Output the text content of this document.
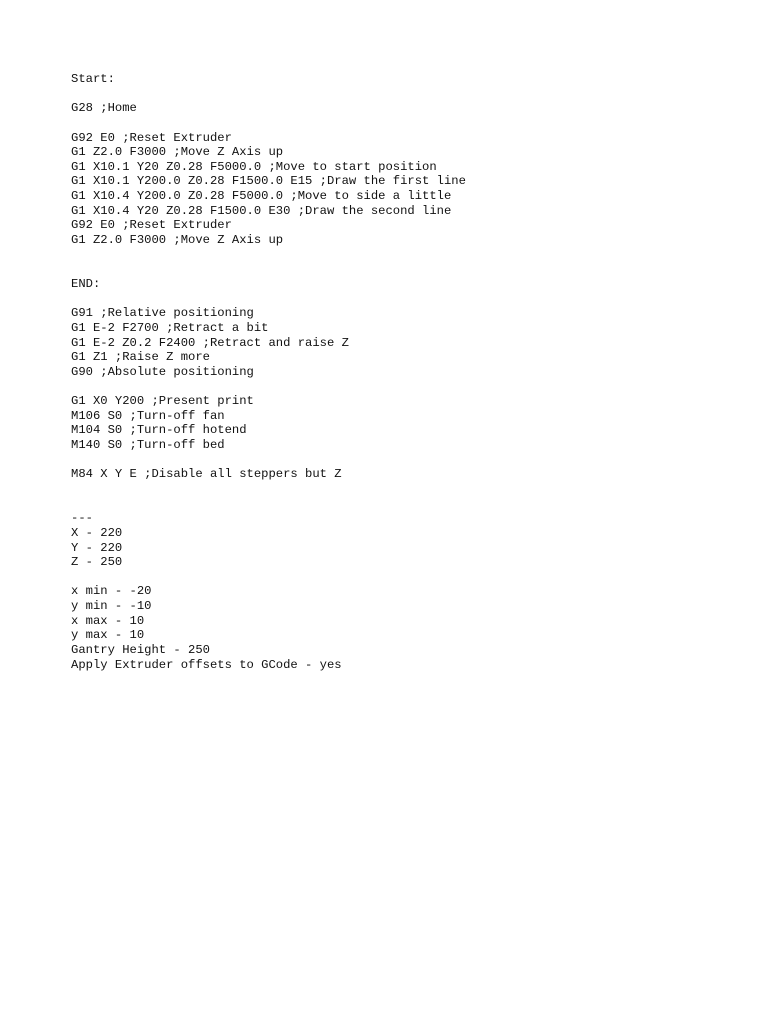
Start:
G28 ;Home
G92 E0 ;Reset Extruder
G1 Z2.0 F3000 ;Move Z Axis up
G1 X10.1 Y20 Z0.28 F5000.0 ;Move to start position
G1 X10.1 Y200.0 Z0.28 F1500.0 E15 ;Draw the first line
G1 X10.4 Y200.0 Z0.28 F5000.0 ;Move to side a little
G1 X10.4 Y20 Z0.28 F1500.0 E30 ;Draw the second line
G92 E0 ;Reset Extruder
G1 Z2.0 F3000 ;Move Z Axis up
END:
G91 ;Relative positioning
G1 E-2 F2700 ;Retract a bit
G1 E-2 Z0.2 F2400 ;Retract and raise Z
G1 Z1 ;Raise Z more
G90 ;Absolute positioning
G1 X0 Y200 ;Present print
M106 S0 ;Turn-off fan
M104 S0 ;Turn-off hotend
M140 S0 ;Turn-off bed
M84 X Y E ;Disable all steppers but Z
---
X - 220
Y - 220
Z - 250
x min - -20
y min - -10
x max - 10
y max - 10
Gantry Height - 250
Apply Extruder offsets to GCode - yes
